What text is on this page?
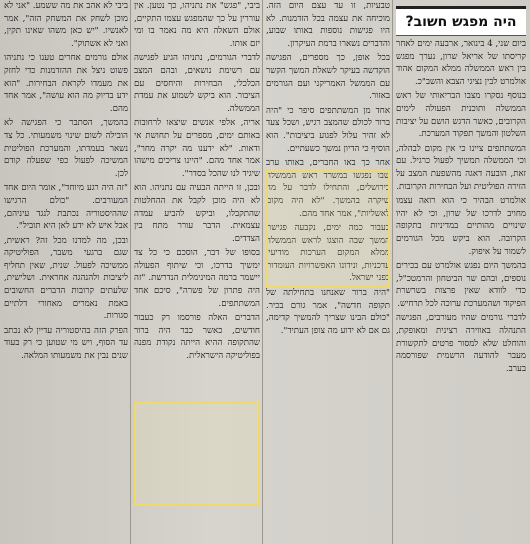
ביבי לא אהב את מה ששמע. "אני לא מוכן לשחק את המשחק הזה", אמר לאנשיו. "יש כאן משהו שאינו תקין, ואני לא אשתוק".

אולם גורמים אחרים טענו כי נתניהו פשוט ניצל את ההזדמנות כדי לחזק את מעמדו לקראת הבחירות. "הוא ידע בדיוק מה הוא עושה", אמר אחד מהם.

בהמשך, הסתבר כי הפגישה לא הובילה לשום שינוי משמעותי. כל צד נשאר בעמדתו, והמערכת הפוליטית המשיכה לפעול כפי שפעלה קודם לכן.

"זה היה רגע מיוחד", אומר היום אחד המעורבים. "כולם הרגישו שההיסטוריה נכתבת לנגד עיניהם, אבל איש לא ידע לאן היא תוביל".

ובכן, מה למדנו מכל זה? ראשית, שגם ברגעי משבר, הפוליטיקה ממשיכה לפעול. שנית, שאין תחליף ליציבות ולהנהגה אחראית. ושלישית, שלעתים קרובות הדברים החשובים באמת נאמרים מאחורי דלתיים סגורות.

הפרק הזה בהיסטוריה עדיין לא נכתב עד הסוף, ויש מי שטוען כי רק בעוד שנים נבין את משמעותו המלאה.

ביבי, "פגש" את נתניהו, כך נטען. אין עוררין על כך שהמפגש עצמו התקיים, אולם השאלה היא מה נאמר בו ומי יזם אותו.

לדברי הגורמים, נתניהו הגיע לפגישה עם רשימת נושאים, ובהם המצב הכלכלי, הבחירות והיחסים עם הציבור. הוא ביקש לשמוע את עמדת הממשלה.

אריה, אלפי אנשים שיצאו לרחובות באותם ימים, מספרים על תחושת אי ודאות. "לא ידענו מה יקרה מחר", אמר אחד מהם. "היינו צריכים מישהו שיגיד לנו שהכל בסדר".

ובכן, זו הייתה הבעיה עם נתניהו. הוא לא היה מוכן לקבל את ההחלטות שהתקבלו, וביקש להביע עמדה עצמאית. הדבר עורר מתח בין הצדדים.

בסופו של דבר, הוסכם כי כל צד ימשיך בדרכו, וכי שיתוף הפעולה יישמר ברמה המינימלית הנדרשת. "זה היה פתרון של פשרה", סיכם אחד המשתתפים.

הדברים האלה פורסמו רק כעבור חודשים, כאשר כבר היה ברור שהתקופה ההיא הייתה נקודת מפנה בפוליטיקה הישראלית.

טבעיות, זו עד עצם היום הזה. מוכיחה את עצמה בכל הזדמנות. לא היו פגישות נוספות באותו שבוע, והדברים נשארו ברמת העיקרון.

בכל אופן, כך מספרים, הפגישה הוקדשה בעיקר לשאלת המשך הקשר עם הממשל האמריקני ועם הגורמים באזור.

אחד מן המשתתפים סיפר כי "היה ברור לכולם שהמצב רגיש, ושכל צעד לא זהיר עלול לפגוע ביציבות". הוא הוסיף כי הדיון נמשך כשעתיים.

אחר כך באו החברים, באותו ערב שבו נפגשו במשרד ראש הממשלה בירושלים, והתחילו לדבר על מה שיקרה בהמשך. "לא היה מקום לאשליות", אמר אחד מהם.

כעבור כמה ימים, נקבעה פגישת המשך שבה הוצגו לראש הממשלה ממלא המקום הערכות מודיעין עדכניות, ונידונו האפשרויות העומדות בפני ישראל.

"היה ברור שאנחנו בתחילתה של תקופה חדשה", אמר גורם בכיר. "כולם הבינו שצריך להמשיך קדימה, גם אם לא ידוע מה צופן העתיד".

היה מפגש חשוב?

ביום שני, 4 בינואר, ארבעה ימים לאחר קריסתו של אריאל שרון, נערך מפגש בין ראש הממשלה ממלא המקום אהוד אולמרט לבין נציגי הצבא והשב"כ.

בנוסף נסקרו מצבו הבריאותי של ראש הממשלה ותוכנית הפעולה לימים הקרובים, כאשר הדגש הושם על יציבות השלטון והמשך תפקוד המערכת.

המשתתפים ציינו כי אין מקום לבהלה, וכי הממשלה תמשיך לפעול כרגיל. עם זאת, הובעה דאגה מהשפעת המצב על הזירה הפוליטית ועל הבחירות הקרובות.

אולמרט הבהיר כי הוא רואה עצמו מחויב לדרכו של שרון, וכי לא יהיו שינויים מהותיים במדיניות בתקופה הקרובה. הוא ביקש מכל הגורמים לשמור על איפוק.

בהמשך היום נפגש אולמרט עם בכירים נוספים, ובהם שר הביטחון והרמטכ"ל, כדי לוודא שאין פרצות בשרשרת הפיקוד ושהמערכת ערוכה לכל תרחיש.

לדברי גורמים שהיו מעורבים, הפגישה התנהלה באווירה רצינית ומאופקת, והוחלט שלא למסור פרטים לתקשורת מעבר להודעה הרשמית שפורסמה בערב.
